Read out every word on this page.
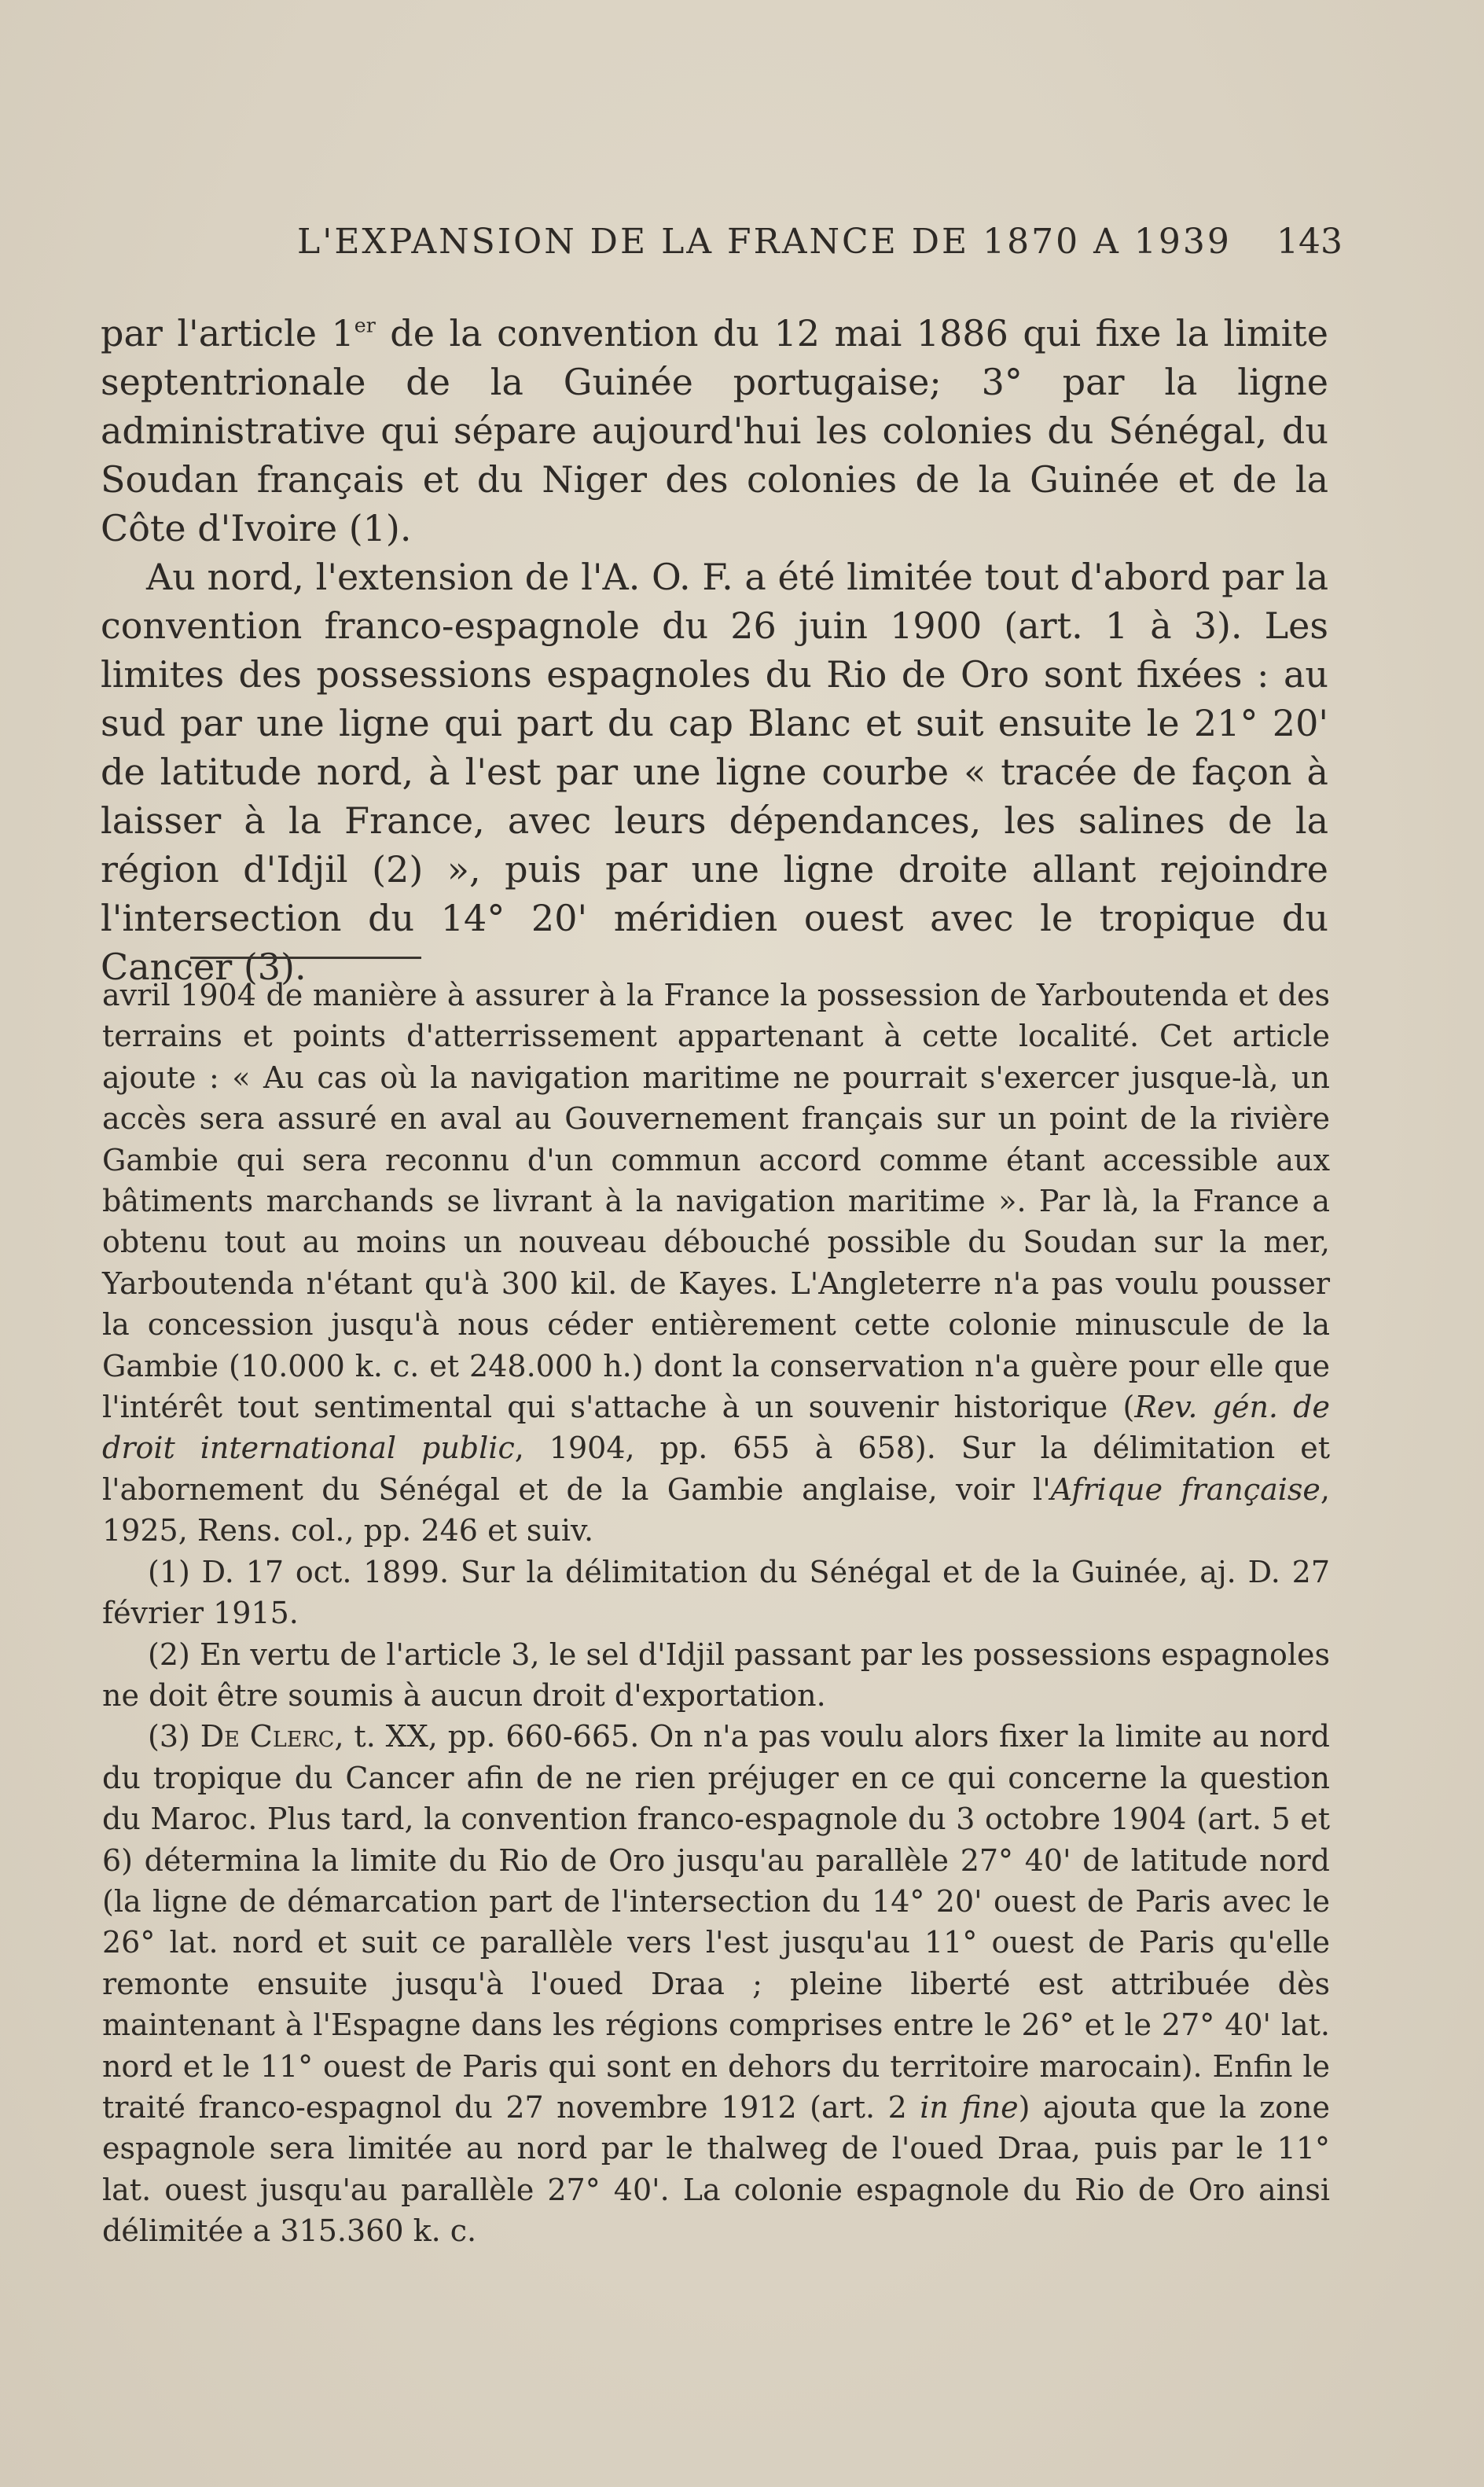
L'EXPANSION DE LA FRANCE DE 1870 A 1939 143

par l'article 1er de la convention du 12 mai 1886 qui fixe la limite septentrionale de la Guinée portugaise; 3° par la ligne administrative qui sépare aujourd'hui les colonies du Sénégal, du Soudan français et du Niger des colonies de la Guinée et de la Côte d'Ivoire (1).

Au nord, l'extension de l'A. O. F. a été limitée tout d'abord par la convention franco-espagnole du 26 juin 1900 (art. 1 à 3). Les limites des possessions espagnoles du Rio de Oro sont fixées : au sud par une ligne qui part du cap Blanc et suit ensuite le 21° 20' de latitude nord, à l'est par une ligne courbe « tracée de façon à laisser à la France, avec leurs dépendances, les salines de la région d'Idjil (2) », puis par une ligne droite allant rejoindre l'intersection du 14° 20' méridien ouest avec le tropique du Cancer (3).

avril 1904 de manière à assurer à la France la possession de Yarboutenda et des terrains et points d'atterrissement appartenant à cette localité. Cet article ajoute : « Au cas où la navigation maritime ne pourrait s'exercer jusque-là, un accès sera assuré en aval au Gouvernement français sur un point de la rivière Gambie qui sera reconnu d'un commun accord comme étant accessible aux bâtiments marchands se livrant à la navigation maritime ». Par là, la France a obtenu tout au moins un nouveau débouché possible du Soudan sur la mer, Yarboutenda n'étant qu'à 300 kil. de Kayes. L'Angleterre n'a pas voulu pousser la concession jusqu'à nous céder entièrement cette colonie minuscule de la Gambie (10.000 k. c. et 248.000 h.) dont la conservation n'a guère pour elle que l'intérêt tout sentimental qui s'attache à un souvenir historique (Rev. gén. de droit international public, 1904, pp. 655 à 658). Sur la délimitation et l'abornement du Sénégal et de la Gambie anglaise, voir l'Afrique française, 1925, Rens. col., pp. 246 et suiv.

(1) D. 17 oct. 1899. Sur la délimitation du Sénégal et de la Guinée, aj. D. 27 février 1915.

(2) En vertu de l'article 3, le sel d'Idjil passant par les possessions espagnoles ne doit être soumis à aucun droit d'exportation.

(3) De Clerc, t. XX, pp. 660-665. On n'a pas voulu alors fixer la limite au nord du tropique du Cancer afin de ne rien préjuger en ce qui concerne la question du Maroc. Plus tard, la convention franco-espagnole du 3 octobre 1904 (art. 5 et 6) détermina la limite du Rio de Oro jusqu'au parallèle 27° 40' de latitude nord (la ligne de démarcation part de l'intersection du 14° 20' ouest de Paris avec le 26° lat. nord et suit ce parallèle vers l'est jusqu'au 11° ouest de Paris qu'elle remonte ensuite jusqu'à l'oued Draa ; pleine liberté est attribuée dès maintenant à l'Espagne dans les régions comprises entre le 26° et le 27° 40' lat. nord et le 11° ouest de Paris qui sont en dehors du territoire marocain). Enfin le traité franco-espagnol du 27 novembre 1912 (art. 2 in fine) ajouta que la zone espagnole sera limitée au nord par le thalweg de l'oued Draa, puis par le 11° lat. ouest jusqu'au parallèle 27° 40'. La colonie espagnole du Rio de Oro ainsi délimitée a 315.360 k. c.
